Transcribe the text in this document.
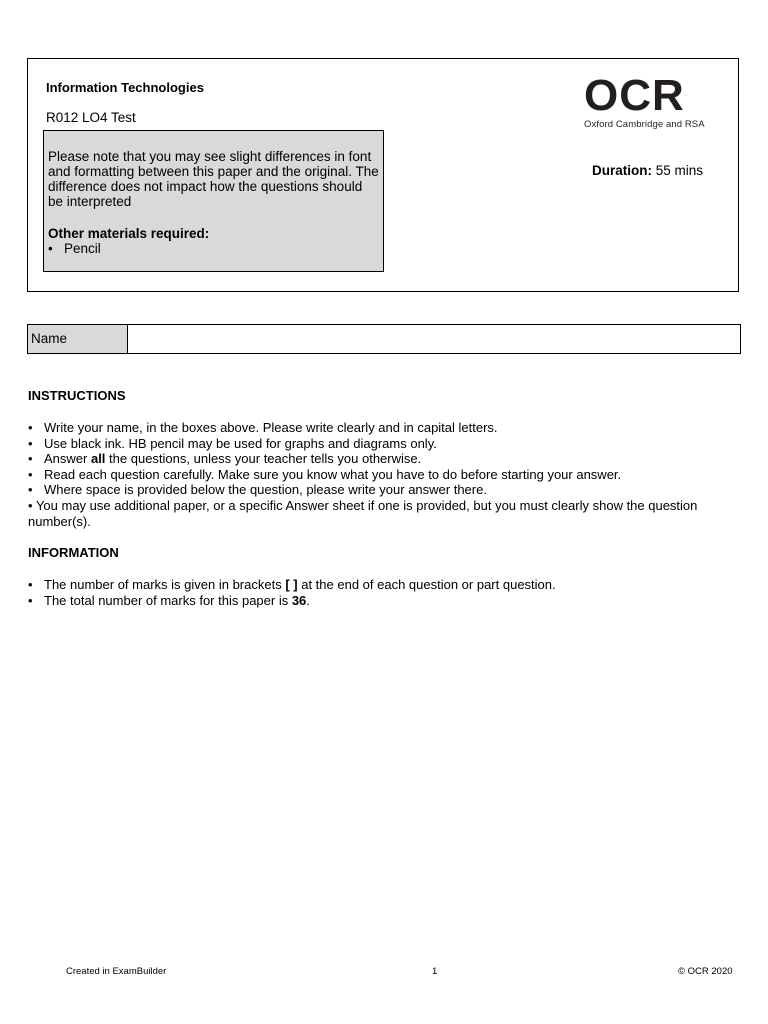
Information Technologies
R012 LO4 Test
Please note that you may see slight differences in font and formatting between this paper and the original. The difference does not impact how the questions should be interpreted
Other materials required:
• Pencil
OCR
Oxford Cambridge and RSA
Duration: 55 mins
Name
INSTRUCTIONS
• Write your name, in the boxes above. Please write clearly and in capital letters.
• Use black ink. HB pencil may be used for graphs and diagrams only.
• Answer all the questions, unless your teacher tells you otherwise.
• Read each question carefully. Make sure you know what you have to do before starting your answer.
• Where space is provided below the question, please write your answer there.
• You may use additional paper, or a specific Answer sheet if one is provided, but you must clearly show the question number(s).
INFORMATION
• The number of marks is given in brackets [ ] at the end of each question or part question.
• The total number of marks for this paper is 36.
Created in ExamBuilder	1	© OCR 2020
